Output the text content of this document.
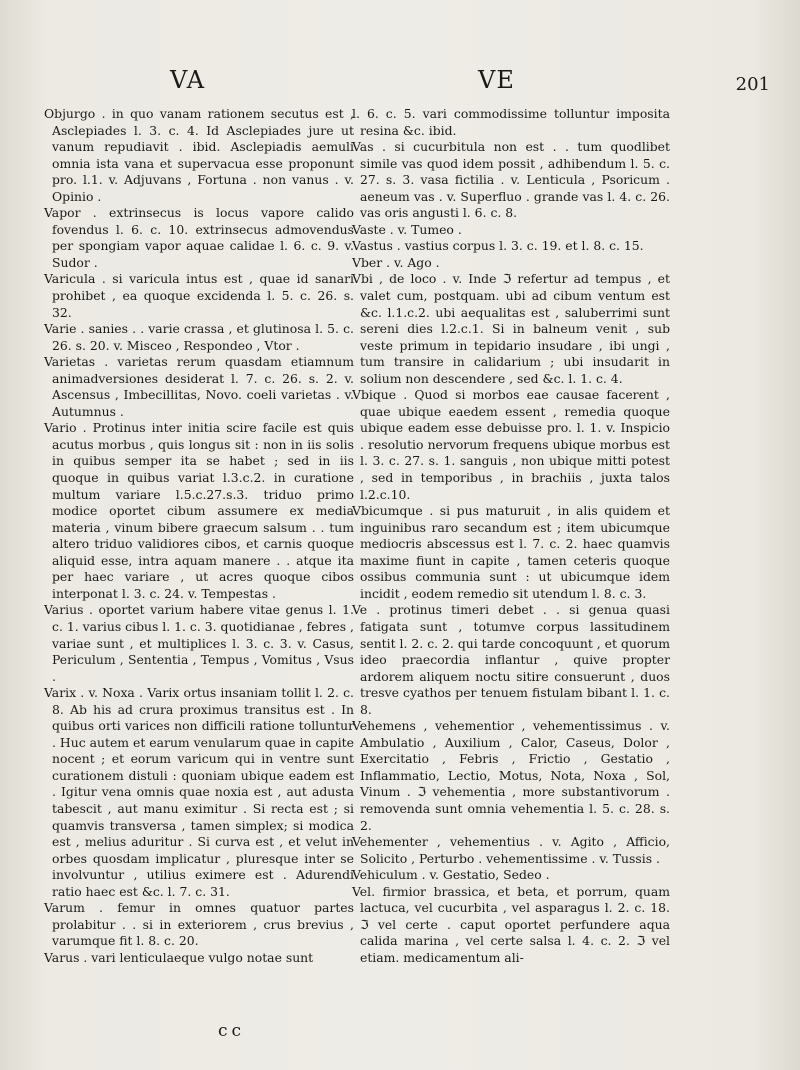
VA	VE	201

Objurgo . in quo vanam rationem secutus est , Asclepiades l. 3. c. 4. Id Asclepiades jure ut vanum repudiavit . ibid. Asclepiadis aemuli omnia ista vana et supervacua esse proponunt pro. l.1. v. Adjuvans , Fortuna . non vanus . v. Opinio .

Vapor . extrinsecus is locus vapore calido fovendus l. 6. c. 10. extrinsecus admovendus per spongiam vapor aquae calidae l. 6. c. 9. v. Sudor .

Varicula . si varicula intus est , quae id sanari prohibet , ea quoque excidenda l. 5. c. 26. s. 32.

Varie . sanies . . varie crassa , et glutinosa l. 5. c. 26. s. 20. v. Misceo , Respondeo , Vtor .

Varietas . varietas rerum quasdam etiamnum animadversiones desiderat l. 7. c. 26. s. 2. v. Ascensus , Imbecillitas, Novo. coeli varietas . v. Autumnus .

Vario . Protinus inter initia scire facile est quis acutus morbus , quis longus sit : non in iis solis in quibus semper ita se habet ; sed in iis quoque in quibus variat l.3.c.2. in curatione multum variare l.5.c.27.s.3. triduo primo modice oportet cibum assumere ex media materia , vinum bibere graecum salsum . . tum altero triduo validiores cibos, et carnis quoque aliquid esse, intra aquam manere . . atque ita per haec variare , ut acres quoque cibos interponat l. 3. c. 24. v. Tempestas .

Varius . oportet varium habere vitae genus l. 1. c. 1. varius cibus l. 1. c. 3. quotidianae , febres , variae sunt , et multiplices l. 3. c. 3. v. Casus, Periculum , Sententia , Tempus , Vomitus , Vsus .

Varix . v. Noxa . Varix ortus insaniam tollit l. 2. c. 8. Ab his ad crura proximus transitus est . In quibus orti varices non difficili ratione tolluntur . Huc autem et earum venularum quae in capite nocent ; et eorum varicum qui in ventre sunt curationem distuli : quoniam ubique eadem est . Igitur vena omnis quae noxia est , aut adusta tabescit , aut manu eximitur . Si recta est ; si quamvis transversa , tamen simplex; si modica est , melius aduritur . Si curva est , et velut in orbes quosdam implicatur , pluresque inter se involvuntur , utilius eximere est . Adurendi ratio haec est &c. l. 7. c. 31.

Varum . femur in omnes quatuor partes prolabitur . . si in exteriorem , crus brevius , varumque fit l. 8. c. 20.

Varus . vari lenticulaeque vulgo notae sunt

l. 6. c. 5. vari commodissime tolluntur imposita resina &c. ibid.

Vas . si cucurbitula non est . . tum quodlibet simile vas quod idem possit , adhibendum l. 5. c. 27. s. 3. vasa fictilia . v. Lenticula , Psoricum . aeneum vas . v. Superfluo . grande vas l. 4. c. 26. vas oris angusti l. 6. c. 8.

Vaste . v. Tumeo .

Vastus . vastius corpus l. 3. c. 19. et l. 8. c. 15.

Vber . v. Ago .

Vbi , de loco . v. Inde ℑ refertur ad tempus , et valet cum, postquam. ubi ad cibum ventum est &c. l.1.c.2. ubi aequalitas est , saluberrimi sunt sereni dies l.2.c.1. Si in balneum venit , sub veste primum in tepidario insudare , ibi ungi , tum transire in calidarium ; ubi insudarit in solium non descendere , sed &c. l. 1. c. 4.

Vbique . Quod si morbos eae causae facerent , quae ubique eaedem essent , remedia quoque ubique eadem esse debuisse pro. l. 1. v. Inspicio . resolutio nervorum frequens ubique morbus est l. 3. c. 27. s. 1. sanguis , non ubique mitti potest , sed in temporibus , in brachiis , juxta talos l.2.c.10.

Vbicumque . si pus maturuit , in alis quidem et inguinibus raro secandum est ; item ubicumque mediocris abscessus est l. 7. c. 2. haec quamvis maxime fiunt in capite , tamen ceteris quoque ossibus communia sunt : ut ubicumque idem incidit , eodem remedio sit utendum l. 8. c. 3.

Ve . protinus timeri debet . . si genua quasi fatigata sunt , totumve corpus lassitudinem sentit l. 2. c. 2. qui tarde concoquunt , et quorum ideo praecordia inflantur , quive propter ardorem aliquem noctu sitire consuerunt , duos tresve cyathos per tenuem fistulam bibant l. 1. c. 8.

Vehemens , vehementior , vehementissimus . v. Ambulatio , Auxilium , Calor, Caseus, Dolor , Exercitatio , Febris , Frictio , Gestatio , Inflammatio, Lectio, Motus, Nota, Noxa , Sol, Vinum . ℑ vehementia , more substantivorum . removenda sunt omnia vehementia l. 5. c. 28. s. 2.

Vehementer , vehementius . v. Agito , Afficio, Solicito , Perturbo . vehementissime . v. Tussis .

Vehiculum . v. Gestatio, Sedeo .

Vel. firmior brassica, et beta, et porrum, quam lactuca, vel cucurbita , vel asparagus l. 2. c. 18. ℑ vel certe . caput oportet perfundere aqua calida marina , vel certe salsa l. 4. c. 2. ℑ vel etiam. medicamentum ali-

cc
